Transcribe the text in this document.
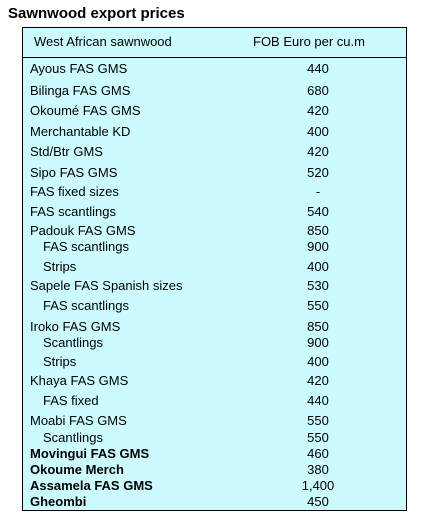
Sawnwood export prices
West African sawnwood	FOB Euro per cu.m
Ayous FAS GMS	440
Bilinga FAS GMS	680
Okoumé FAS GMS	420
Merchantable KD	400
Std/Btr GMS	420
Sipo FAS GMS	520
FAS fixed sizes	-
FAS scantlings	540
Padouk FAS GMS	850
FAS scantlings	900
Strips	400
Sapele FAS Spanish sizes	530
FAS scantlings	550
Iroko FAS GMS	850
Scantlings	900
Strips	400
Khaya FAS GMS	420
FAS fixed	440
Moabi FAS GMS	550
Scantlings	550
Movingui FAS GMS	460
Okoume Merch	380
Assamela FAS GMS	1,400
Gheombi	450
